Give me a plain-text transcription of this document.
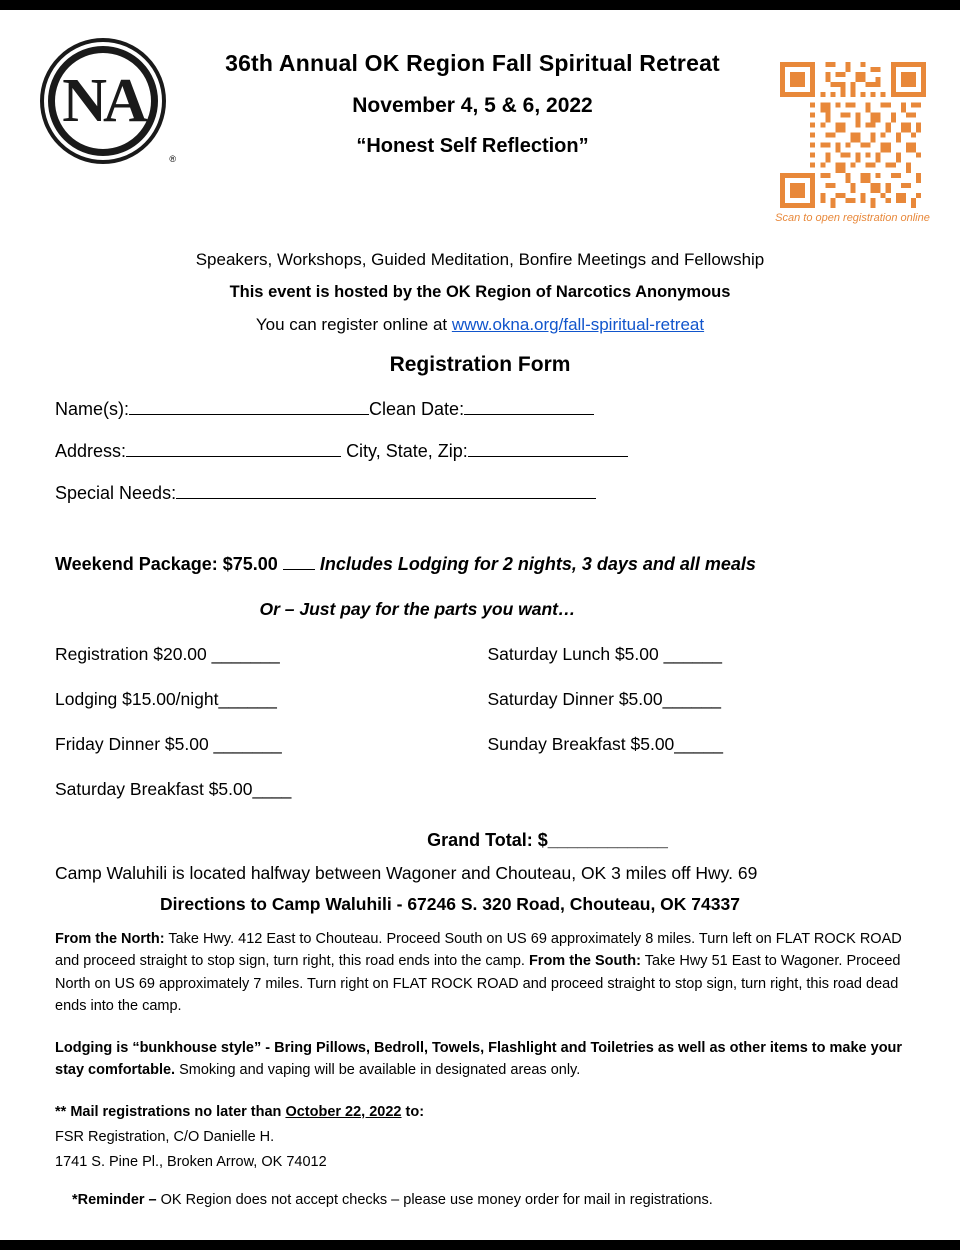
NA
®
36th Annual OK Region Fall Spiritual Retreat
November 4, 5 & 6, 2022
“Honest Self Reflection”
Scan to open registration online
Speakers, Workshops, Guided Meditation, Bonfire Meetings and Fellowship
This event is hosted by the OK Region of Narcotics Anonymous
You can register online at www.okna.org/fall-spiritual-retreat
Registration Form
Name(s):	Clean Date:
Address:	City, State, Zip:
Special Needs:
Weekend Package: $75.00 Includes Lodging for 2 nights, 3 days and all meals
Or – Just pay for the parts you want…
Registration $20.00 _______
Lodging $15.00/night______
Friday Dinner $5.00 _______
Saturday Breakfast $5.00____
Saturday Lunch $5.00 ______
Saturday Dinner $5.00______
Sunday Breakfast $5.00_____
Grand Total: $____________
Camp Waluhili is located halfway between Wagoner and Chouteau, OK 3 miles off Hwy. 69
Directions to Camp Waluhili - 67246 S. 320 Road, Chouteau, OK 74337
From the North: Take Hwy. 412 East to Chouteau. Proceed South on US 69 approximately 8 miles. Turn left on FLAT ROCK ROAD and proceed straight to stop sign, turn right, this road ends into the camp. From the South: Take Hwy 51 East to Wagoner. Proceed North on US 69 approximately 7 miles. Turn right on FLAT ROCK ROAD and proceed straight to stop sign, turn right, this road dead ends into the camp.
Lodging is “bunkhouse style” - Bring Pillows, Bedroll, Towels, Flashlight and Toiletries as well as other items to make your stay comfortable. Smoking and vaping will be available in designated areas only.
** Mail registrations no later than October 22, 2022 to:
FSR Registration, C/O Danielle H.
1741 S. Pine Pl., Broken Arrow, OK 74012
*Reminder – OK Region does not accept checks – please use money order for mail in registrations.
